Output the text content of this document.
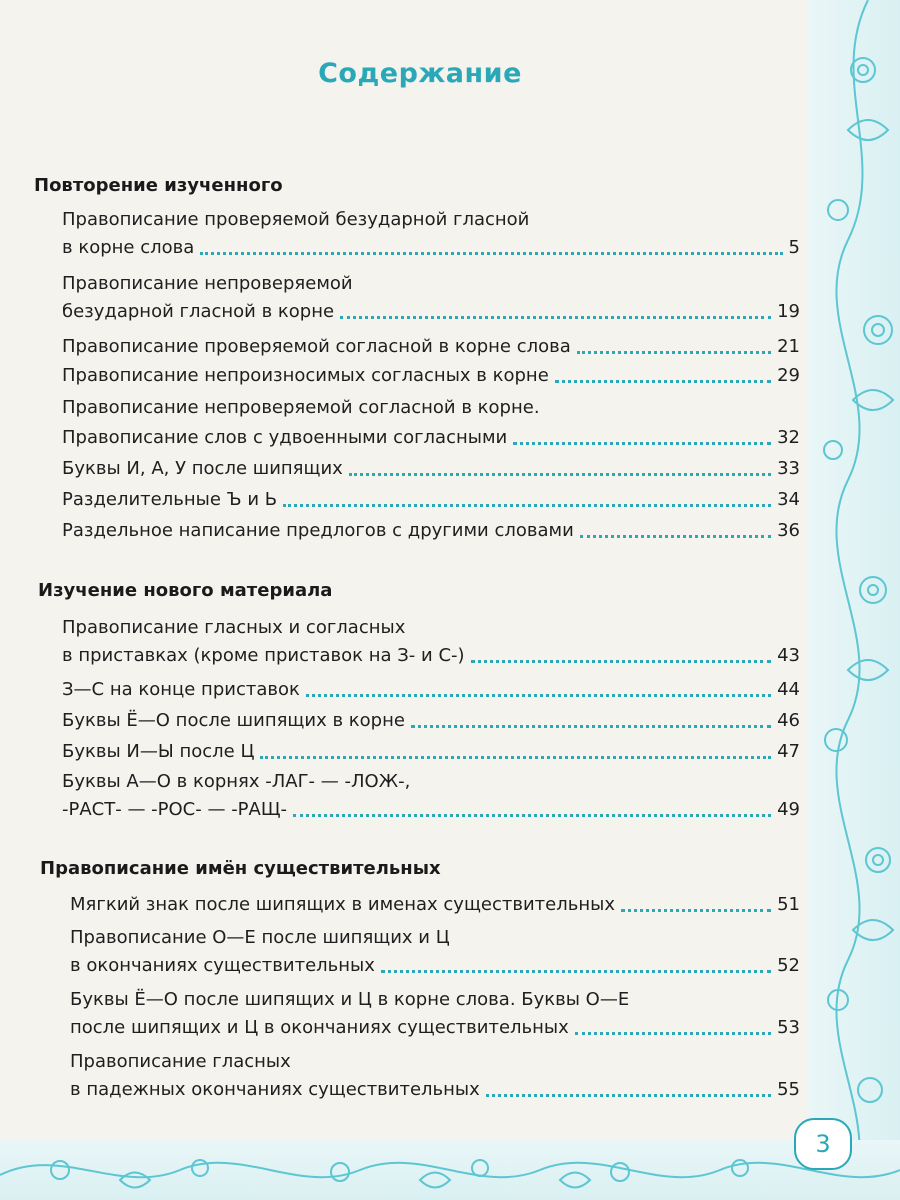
Содержание
Повторение изученного
Правописание проверяемой безударной гласной
в корне слова	5
Правописание непроверяемой
безударной гласной в корне	19
Правописание проверяемой согласной в корне слова	21
Правописание непроизносимых согласных в корне	29
Правописание непроверяемой согласной в корне.
Правописание слов с удвоенными согласными	32
Буквы И, А, У после шипящих	33
Разделительные Ъ и Ь	34
Раздельное написание предлогов с другими словами	36
Изучение нового материала
Правописание гласных и согласных
в приставках (кроме приставок на З- и С-)	43
З—С на конце приставок	44
Буквы Ё—О после шипящих в корне	46
Буквы И—Ы после Ц	47
Буквы А—О в корнях -ЛАГ- — -ЛОЖ-,
-РАСТ- — -РОС- — -РАЩ-	49
Правописание имён существительных
Мягкий знак после шипящих в именах существительных	51
Правописание О—Е после шипящих и Ц
в окончаниях существительных	52
Буквы Ё—О после шипящих и Ц в корне слова. Буквы О—Е
после шипящих и Ц в окончаниях существительных	53
Правописание гласных
в падежных окончаниях существительных	55
3
